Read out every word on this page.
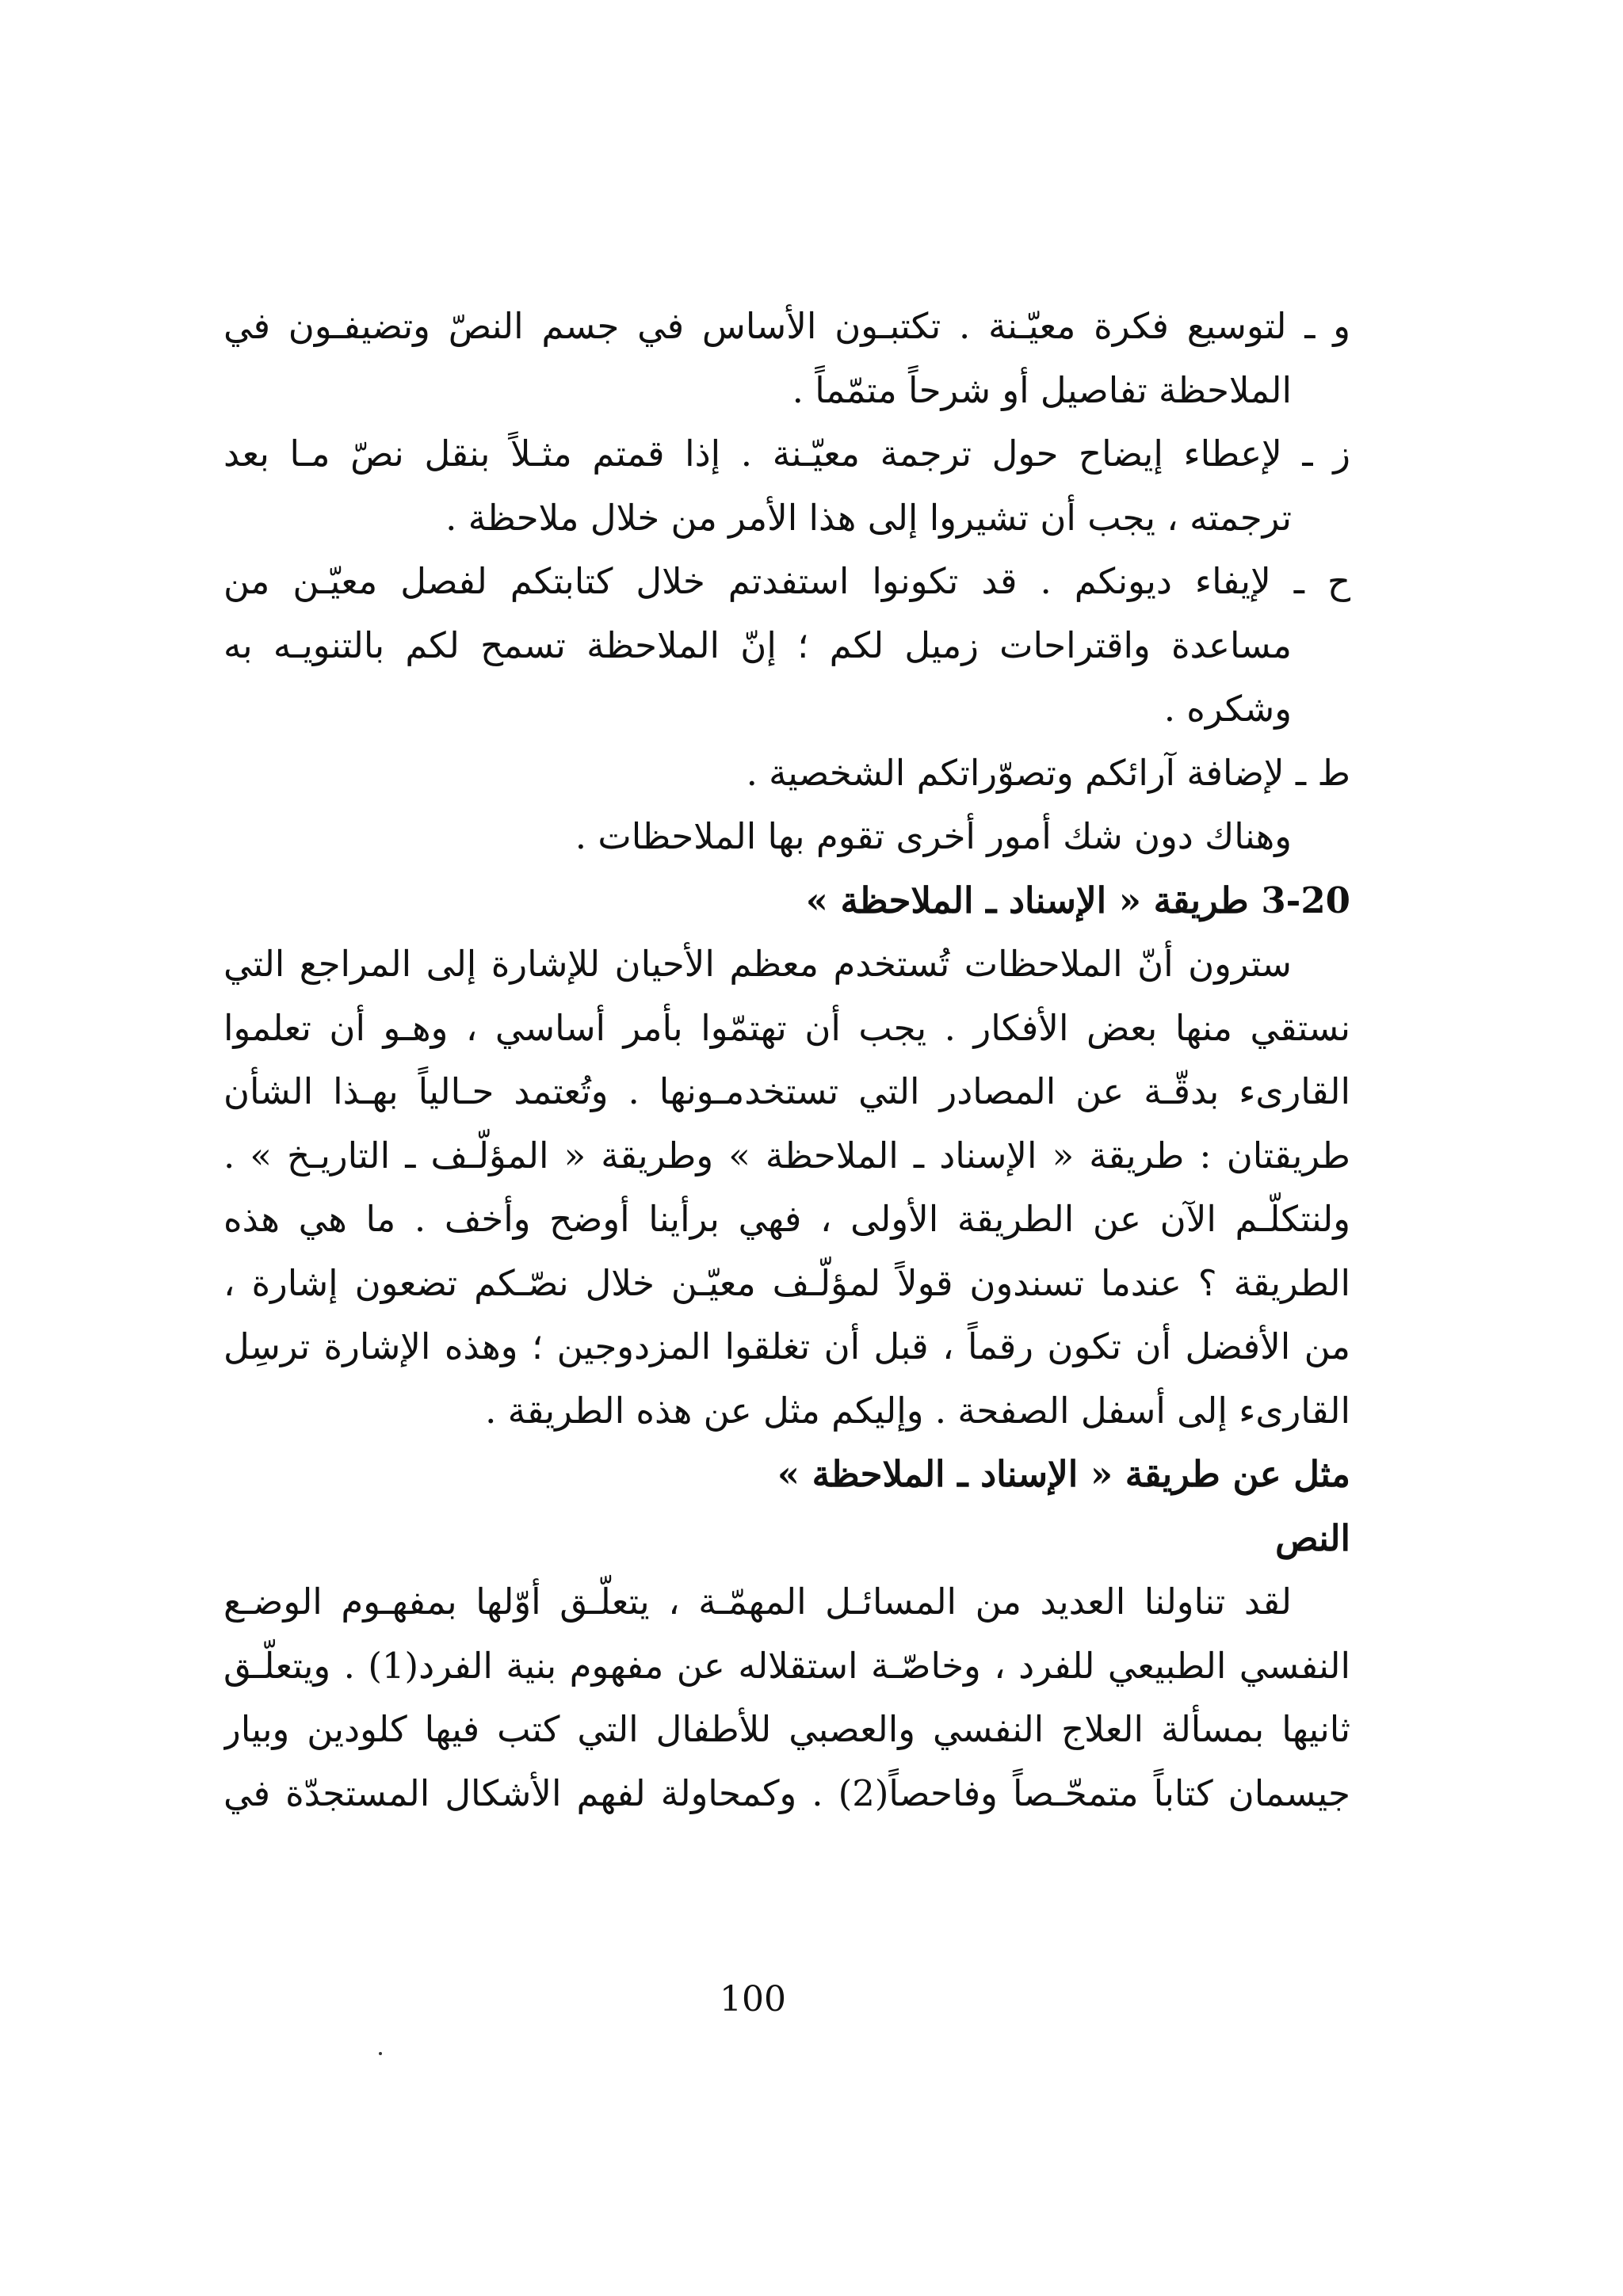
و ـ لتوسيع فكرة معيّـنة . تكتبـون الأساس في جسم النصّ وتضيفـون في
الملاحظة تفاصيل أو شرحاً متمّماً .
ز ـ لإعطاء إيضاح حول ترجمة معيّـنة . إذا قمتم مثـلاً بنقل نصّ مـا بعد
ترجمته ، يجب أن تشيروا إلى هذا الأمر من خلال ملاحظة .
ح ـ لإيفاء ديونكم . قد تكونوا استفدتم خلال كتابتكم لفصل معيّـن من
مساعدة واقتراحات زميل لكم ؛ إنّ الملاحظة تسمح لكم بالتنويـه به
وشكره .
ط ـ لإضافة آرائكم وتصوّراتكم الشخصية .
وهناك دون شك أمور أخرى تقوم بها الملاحظات .
3-20 طريقة « الإسناد ـ الملاحظة »
سترون أنّ الملاحظات تُستخدم معظم الأحيان للإشارة إلى المراجع التي
نستقي منها بعض الأفكار . يجب أن تهتمّوا بأمر أساسي ، وهـو أن تعلموا
القارىء بدقّـة عن المصادر التي تستخدمـونها . وتُعتمد حـالياً بهـذا الشأن
طريقتان : طريقة « الإسناد ـ الملاحظة » وطريقة « المؤلّـف ـ التاريـخ » .
ولنتكلّـم الآن عن الطريقة الأولى ، فهي برأينا أوضح وأخف . ما هي هذه
الطريقة ؟ عندما تسندون قولاً لمؤلّـف معيّـن خلال نصّـكم تضعون إشارة ،
من الأفضل أن تكون رقماً ، قبل أن تغلقوا المزدوجين ؛ وهذه الإشارة ترسِل
القارىء إلى أسفل الصفحة . وإليكم مثل عن هذه الطريقة .
مثل عن طريقة « الإسناد ـ الملاحظة »
النص
لقد تناولنا العديد من المسائـل المهمّـة ، يتعلّـق أوّلها بمفهـوم الوضـع
النفسي الطبيعي للفرد ، وخاصّـة استقلاله عن مفهوم بنية الفرد(1) . ويتعلّـق
ثانيها بمسألة العلاج النفسي والعصبي للأطفال التي كتب فيها كلودين وبيار
جيسمان كتاباً متمحّـصاً وفاحصاً(2) . وكمحاولة لفهم الأشكال المستجدّة في
100
